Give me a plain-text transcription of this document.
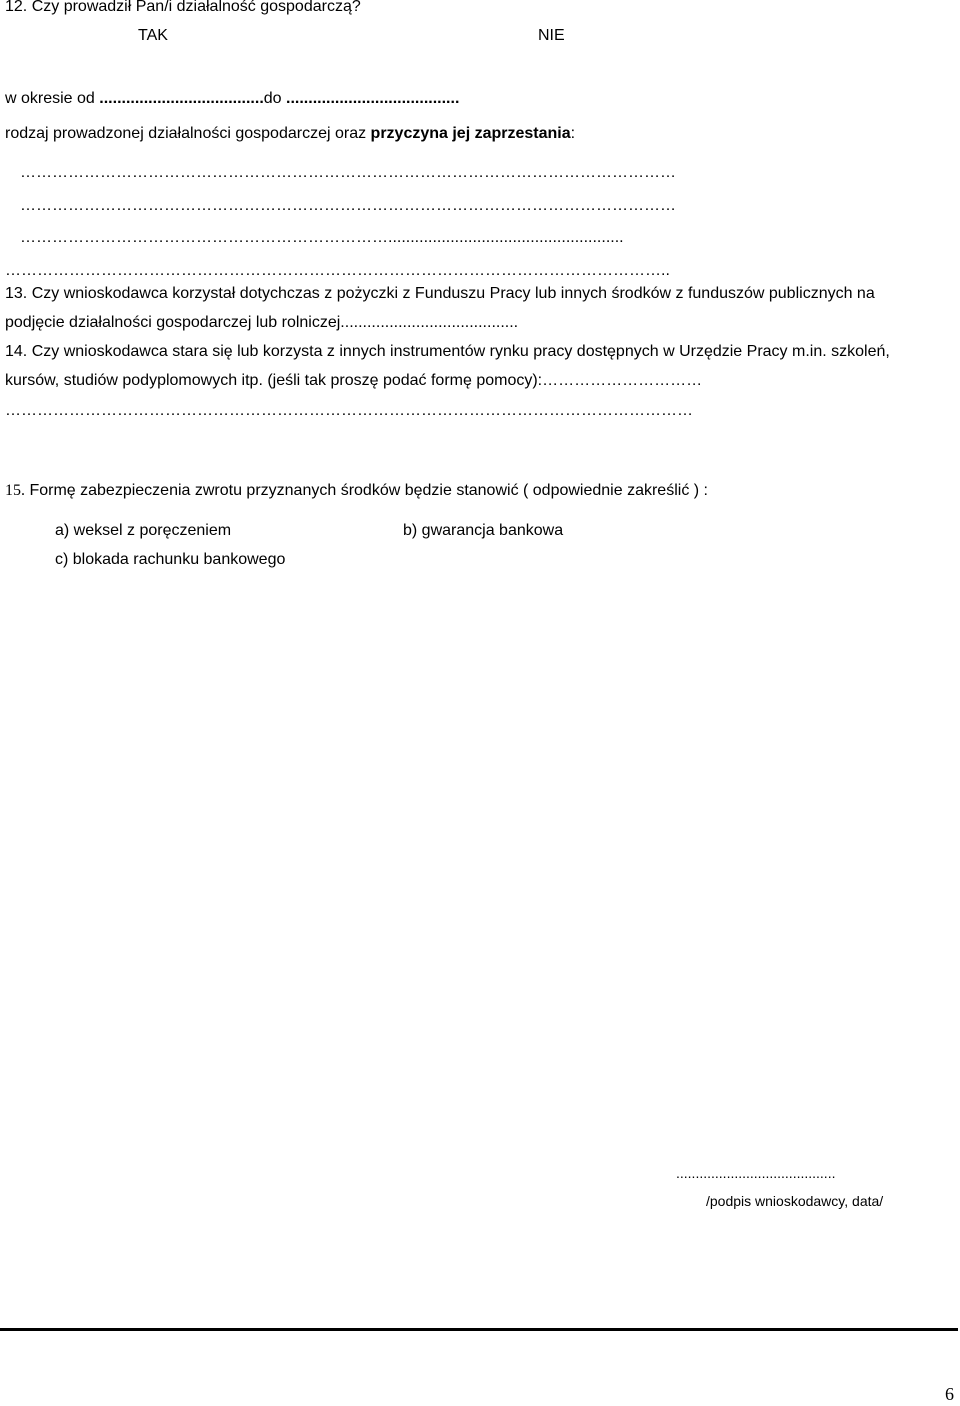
12. Czy prowadził Pan/i działalność gospodarczą?
TAK	NIE
w okresie od .....................................do .......................................
rodzaj prowadzonej działalności gospodarczej oraz przyczyna jej zaprzestania:
……………………………………………………………………………………………………………
……………………………………………………………………………………………………………
…………………………………………………………….....................................................
……………………………………………………………………………………………………………..
13. Czy wnioskodawca korzystał dotychczas z pożyczki z Funduszu Pracy lub innych środków z funduszów publicznych na
podjęcie działalności gospodarczej lub rolniczej........................................
14. Czy wnioskodawca stara się lub korzysta z innych instrumentów rynku pracy dostępnych w Urzędzie Pracy m.in. szkoleń,
kursów, studiów podyplomowych itp. (jeśli tak proszę podać formę pomocy):…………………………
…………………………………………………………………………………………………………………
15. Formę zabezpieczenia zwrotu przyznanych środków będzie stanowić ( odpowiednie zakreślić ) :
a) weksel z poręczeniem	b) gwarancja bankowa
c) blokada rachunku bankowego
.........................................
/podpis wnioskodawcy, data/
6
